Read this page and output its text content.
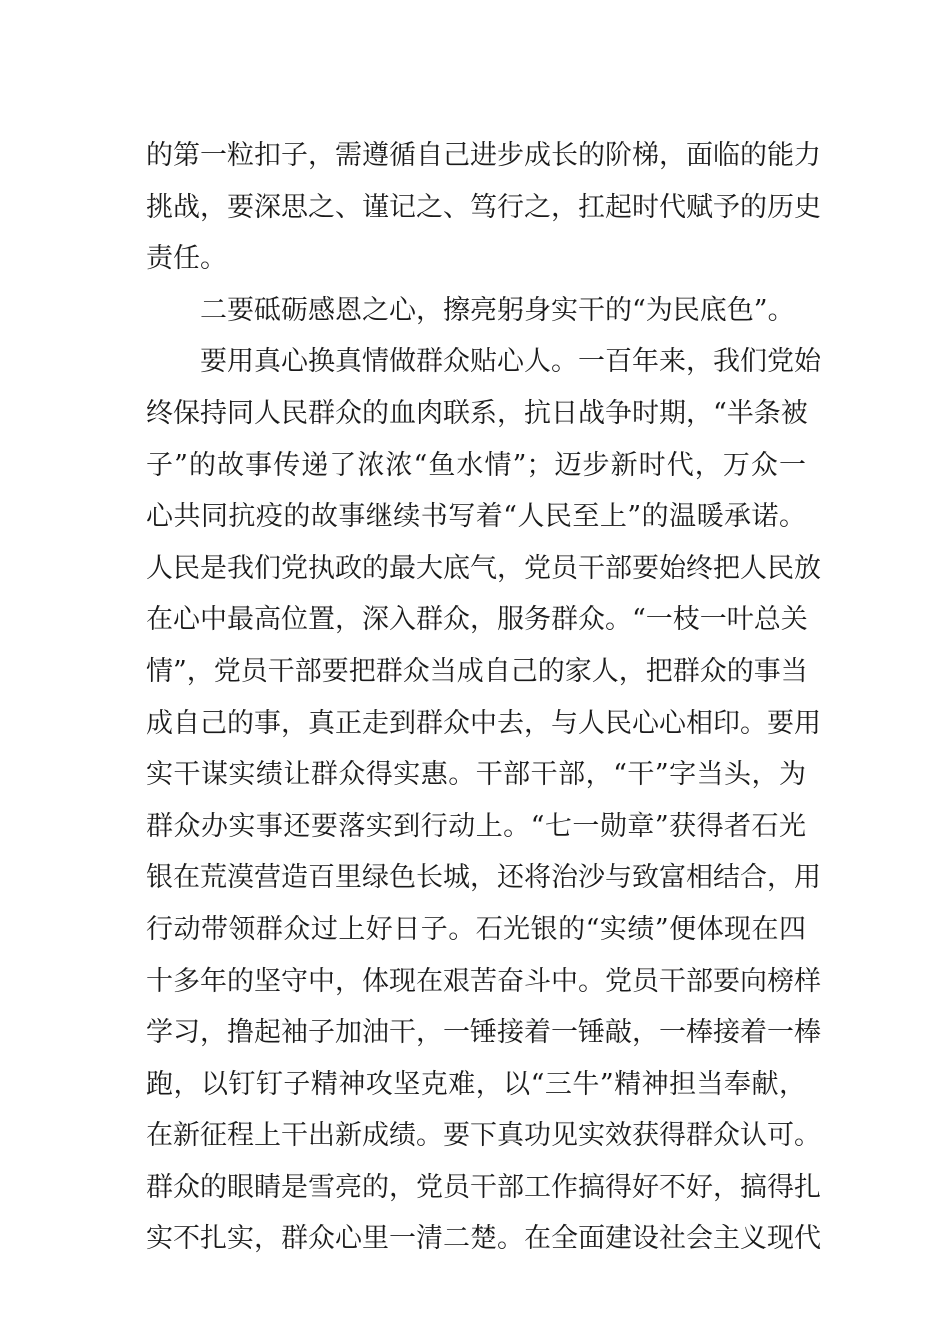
的第一粒扣子，需遵循自己进步成长的阶梯，面临的能力
挑战，要深思之、谨记之、笃行之，扛起时代赋予的历史
责任。
二要砥砺感恩之心，擦亮躬身实干的“为民底色”。
要用真心换真情做群众贴心人。一百年来，我们党始
终保持同人民群众的血肉联系，抗日战争时期，“半条被
子”的故事传递了浓浓“鱼水情”；迈步新时代，万众一
心共同抗疫的故事继续书写着“人民至上”的温暖承诺。
人民是我们党执政的最大底气，党员干部要始终把人民放
在心中最高位置，深入群众，服务群众。“一枝一叶总关
情”，党员干部要把群众当成自己的家人，把群众的事当
成自己的事，真正走到群众中去，与人民心心相印。要用
实干谋实绩让群众得实惠。干部干部，“干”字当头，为
群众办实事还要落实到行动上。“七一勋章”获得者石光
银在荒漠营造百里绿色长城，还将治沙与致富相结合，用
行动带领群众过上好日子。石光银的“实绩”便体现在四
十多年的坚守中，体现在艰苦奋斗中。党员干部要向榜样
学习，撸起袖子加油干，一锤接着一锤敲，一棒接着一棒
跑，以钉钉子精神攻坚克难，以“三牛”精神担当奉献，
在新征程上干出新成绩。要下真功见实效获得群众认可。
群众的眼睛是雪亮的，党员干部工作搞得好不好，搞得扎
实不扎实，群众心里一清二楚。在全面建设社会主义现代
